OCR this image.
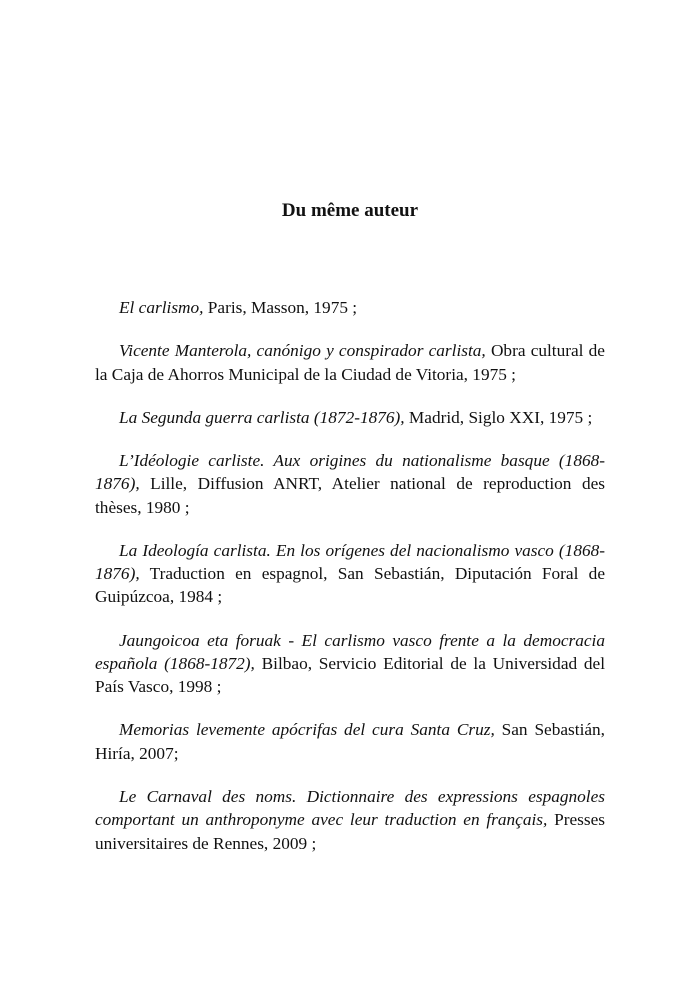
Du même auteur

El carlismo, Paris, Masson, 1975 ;

Vicente Manterola, canónigo y conspirador carlista, Obra cultural de la Caja de Ahorros Municipal de la Ciudad de Vitoria, 1975 ;

La Segunda guerra carlista (1872-1876), Madrid, Siglo XXI, 1975 ;

L’Idéologie carliste. Aux origines du nationalisme basque (1868-1876), Lille, Diffusion ANRT, Atelier national de reproduction des thèses, 1980 ;

La Ideología carlista. En los orígenes del nacionalismo vasco (1868-1876), Traduction en espagnol, San Sebastián, Diputación Foral de Guipúzcoa, 1984 ;

Jaungoicoa eta foruak - El carlismo vasco frente a la democracia española (1868-1872), Bilbao, Servicio Editorial de la Universidad del País Vasco, 1998 ;

Memorias levemente apócrifas del cura Santa Cruz, San Sebastián, Hiría, 2007;

Le Carnaval des noms. Dictionnaire des expressions espagnoles comportant un anthroponyme avec leur traduction en français, Presses universitaires de Rennes, 2009 ;
